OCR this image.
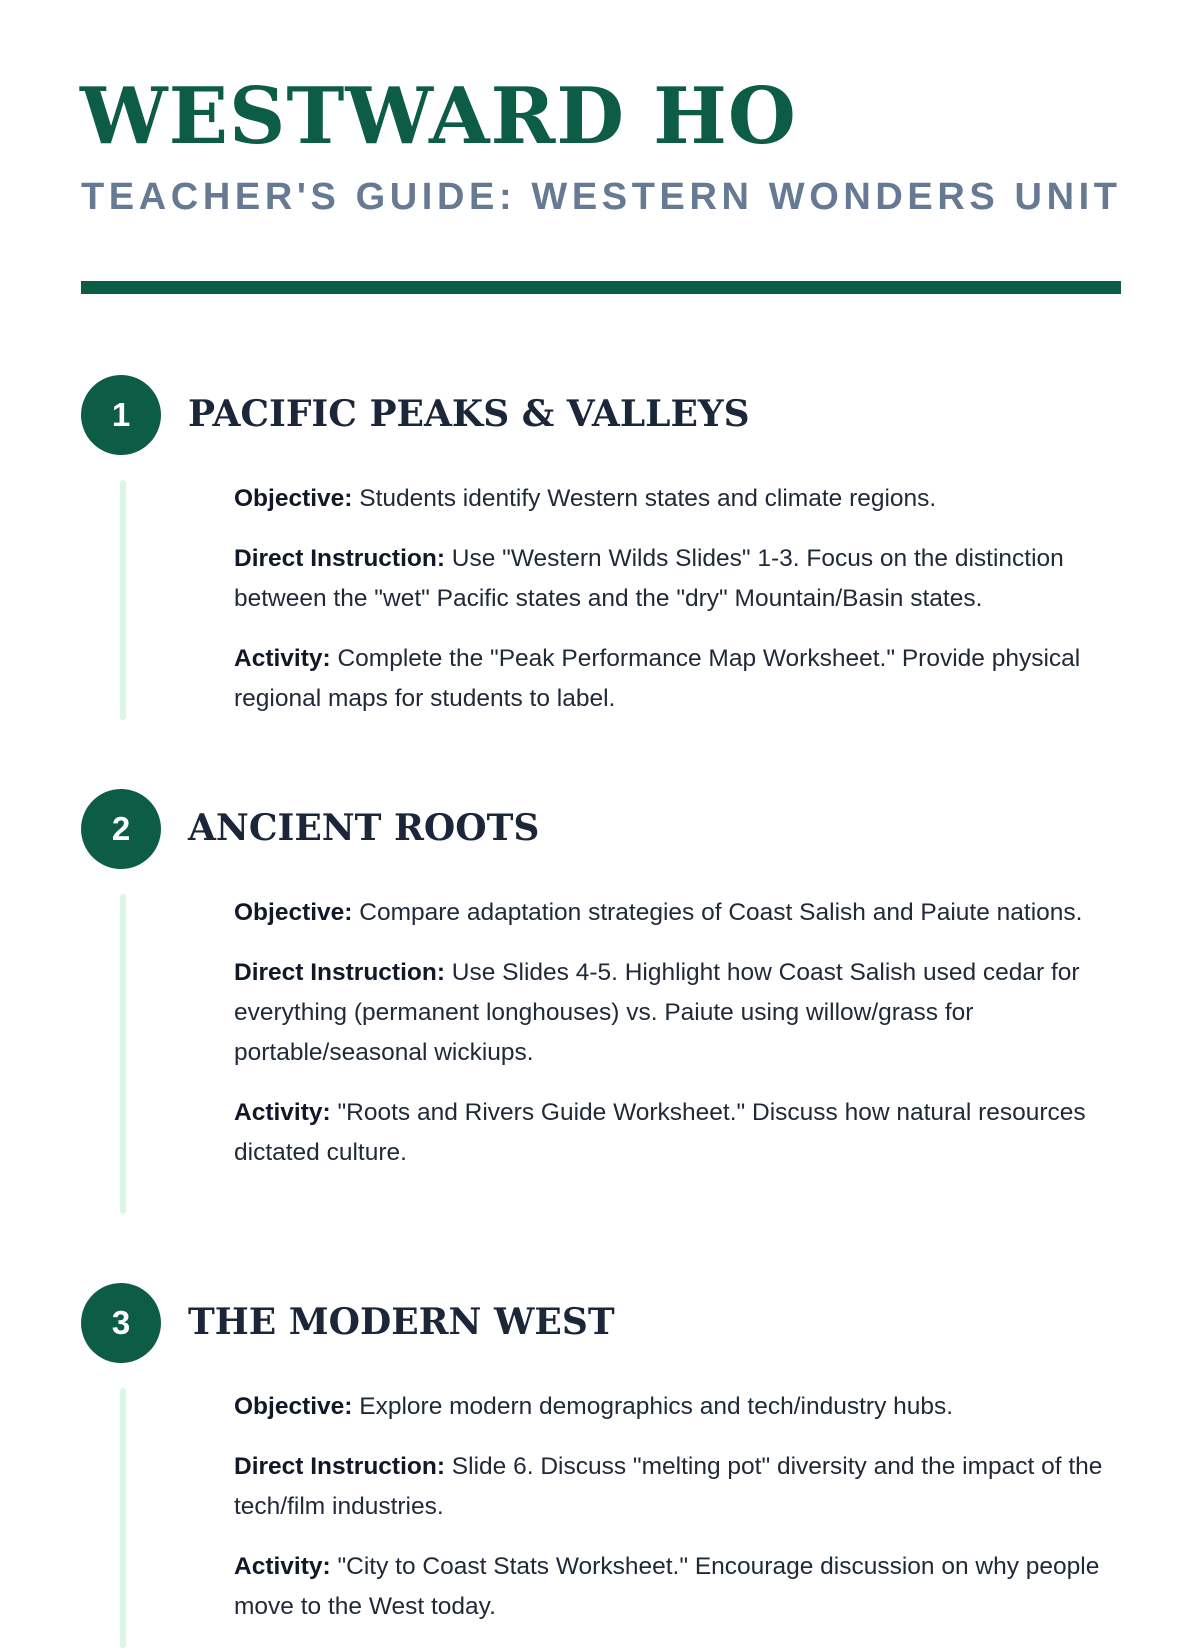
WESTWARD HO
TEACHER'S GUIDE: WESTERN WONDERS UNIT
1	PACIFIC PEAKS & VALLEYS

Objective: Students identify Western states and climate regions.

Direct Instruction: Use "Western Wilds Slides" 1-3. Focus on the distinction between the "wet" Pacific states and the "dry" Mountain/Basin states.

Activity: Complete the "Peak Performance Map Worksheet." Provide physical regional maps for students to label.

2	ANCIENT ROOTS

Objective: Compare adaptation strategies of Coast Salish and Paiute nations.

Direct Instruction: Use Slides 4-5. Highlight how Coast Salish used cedar for everything (permanent longhouses) vs. Paiute using willow/grass for portable/seasonal wickiups.

Activity: "Roots and Rivers Guide Worksheet." Discuss how natural resources dictated culture.

3	THE MODERN WEST

Objective: Explore modern demographics and tech/industry hubs.

Direct Instruction: Slide 6. Discuss "melting pot" diversity and the impact of the tech/film industries.

Activity: "City to Coast Stats Worksheet." Encourage discussion on why people move to the West today.
